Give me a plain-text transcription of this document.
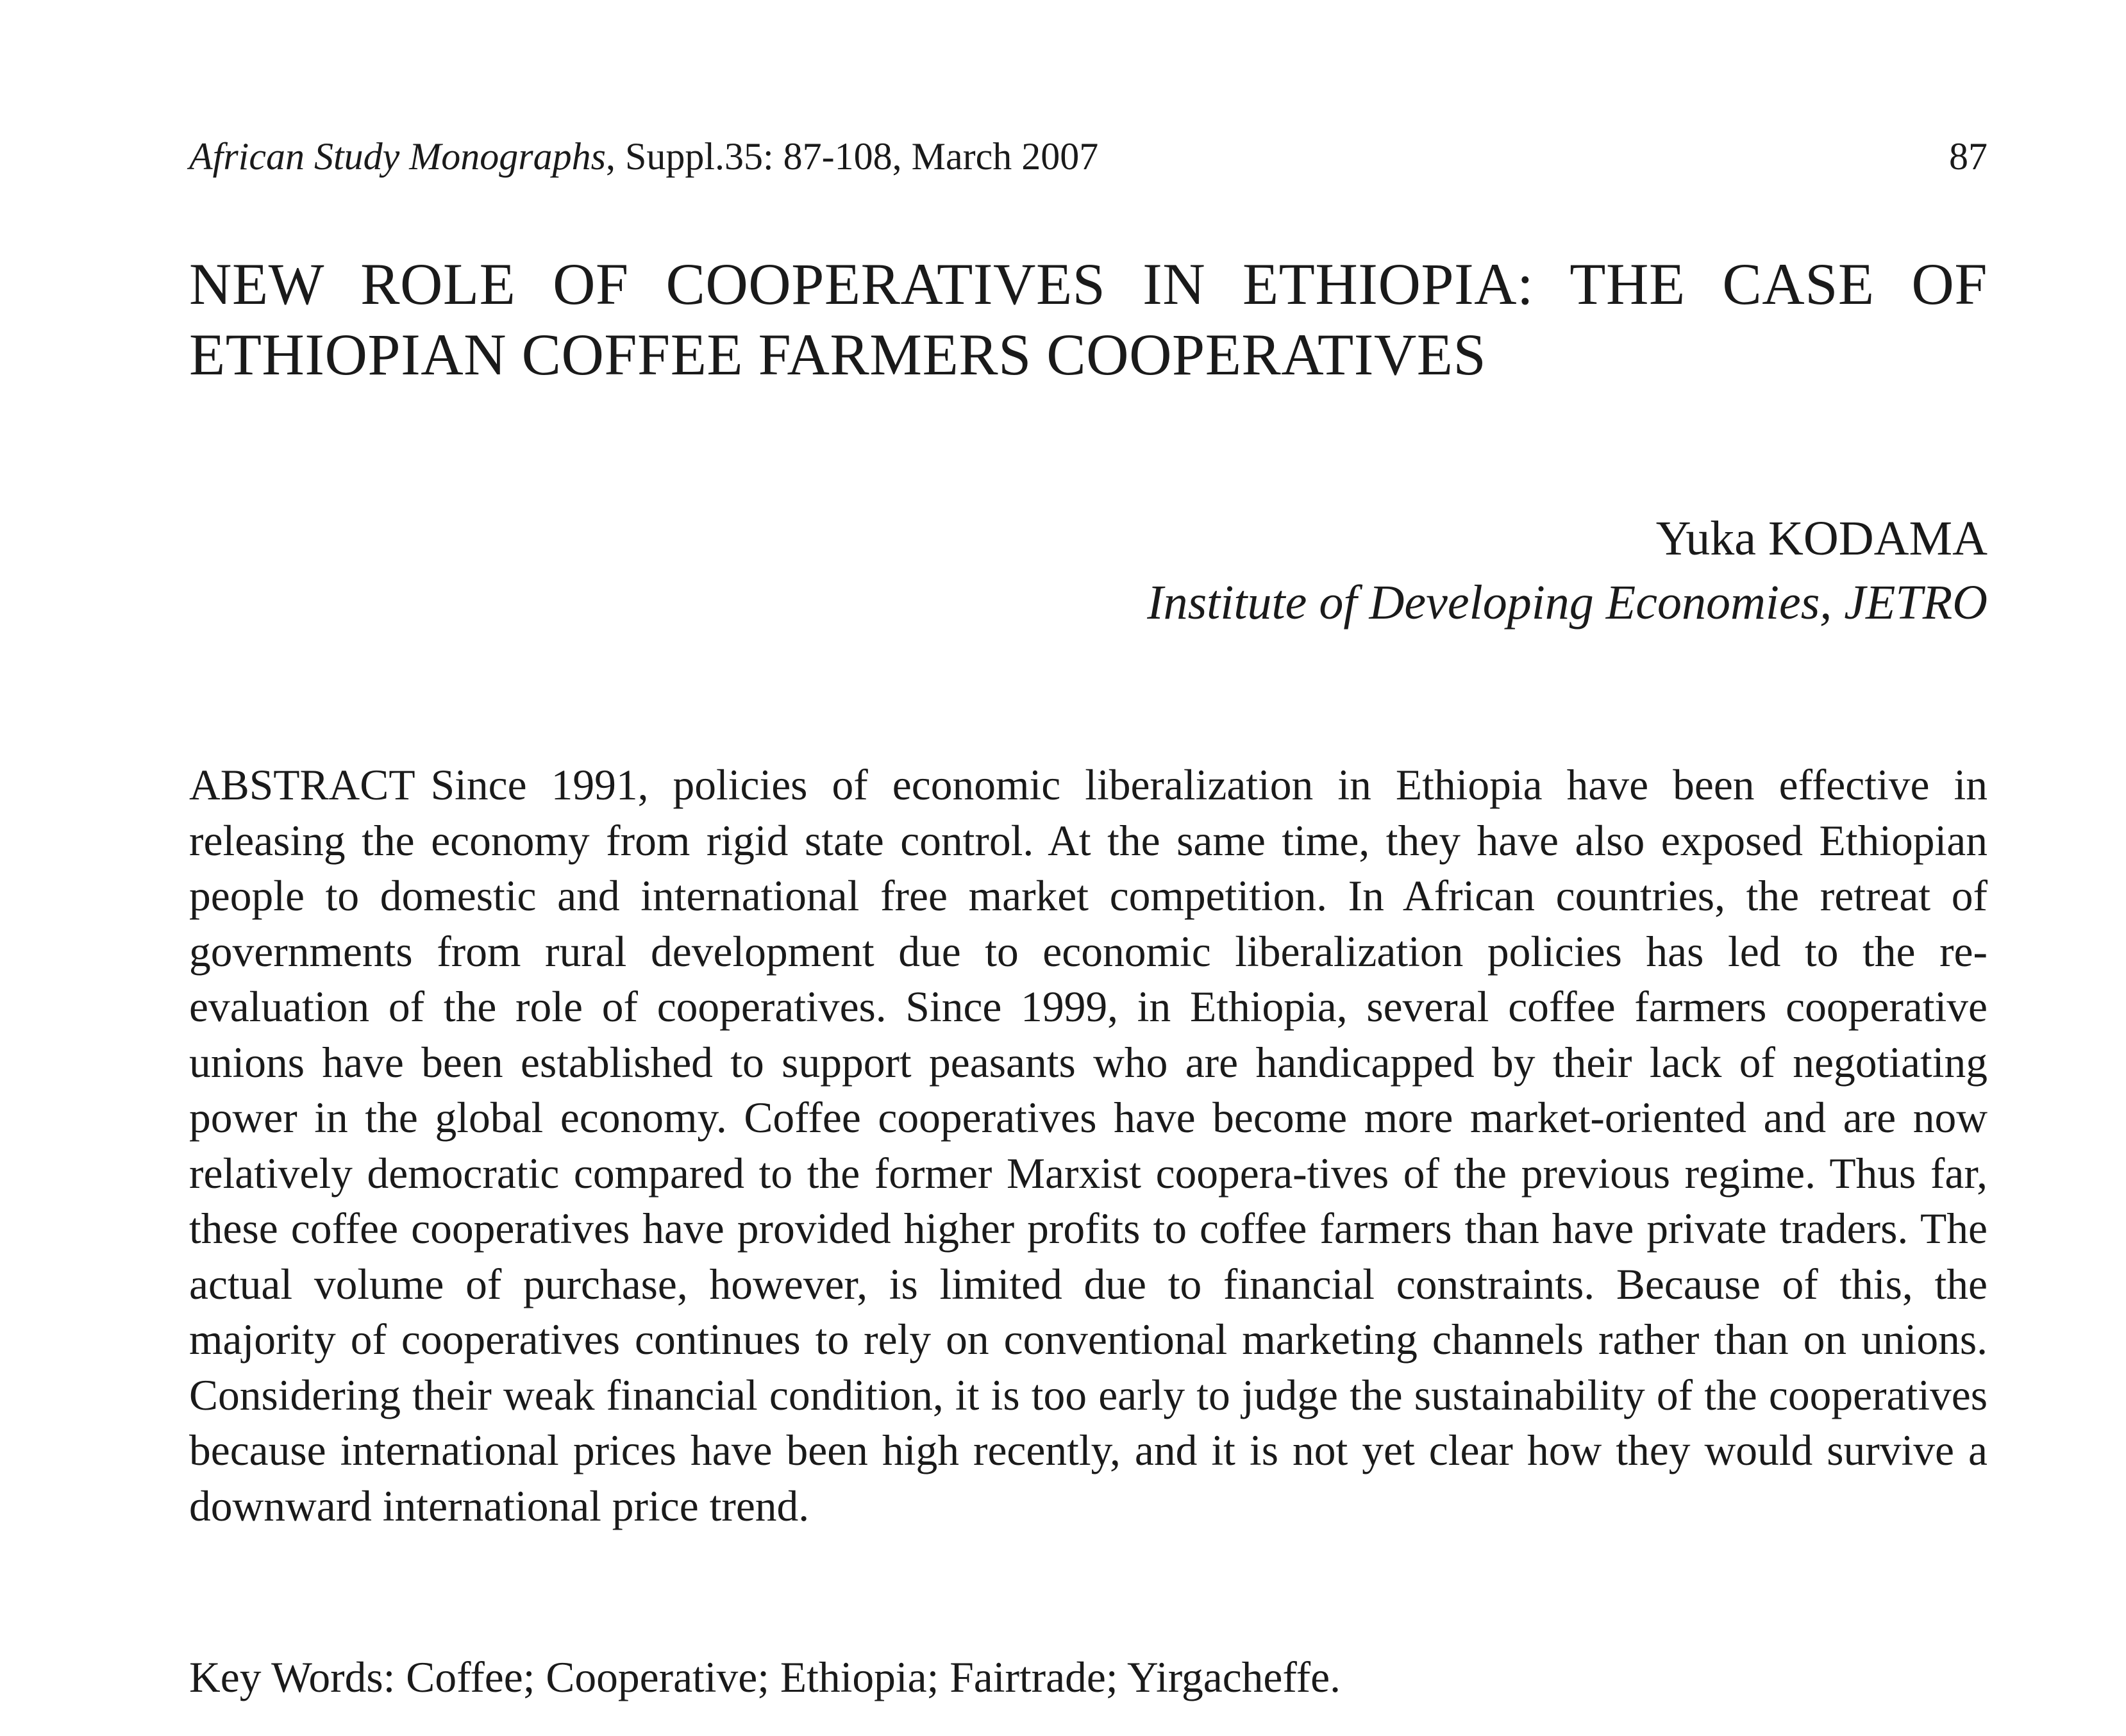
African Study Monographs, Suppl.35: 87-108, March 2007	87
NEW ROLE OF COOPERATIVES IN ETHIOPIA: THE CASE OF ETHIOPIAN COFFEE FARMERS COOPERATIVES
Yuka KODAMA
Institute of Developing Economies, JETRO

ABSTRACT Since 1991, policies of economic liberalization in Ethiopia have been effective in releasing the economy from rigid state control. At the same time, they have also exposed Ethiopian people to domestic and international free market competition. In African countries, the retreat of governments from rural development due to economic liberalization policies has led to the re-evaluation of the role of cooperatives. Since 1999, in Ethiopia, several coffee farmers cooperative unions have been established to support peasants who are handicapped by their lack of negotiating power in the global economy. Coffee cooperatives have become more market-oriented and are now relatively democratic compared to the former Marxist coopera-tives of the previous regime. Thus far, these coffee cooperatives have provided higher profits to coffee farmers than have private traders. The actual volume of purchase, however, is limited due to financial constraints. Because of this, the majority of cooperatives continues to rely on conventional marketing channels rather than on unions. Considering their weak financial condition, it is too early to judge the sustainability of the cooperatives because international prices have been high recently, and it is not yet clear how they would survive a downward international price trend.

Key Words: Coffee; Cooperative; Ethiopia; Fairtrade; Yirgacheffe.
